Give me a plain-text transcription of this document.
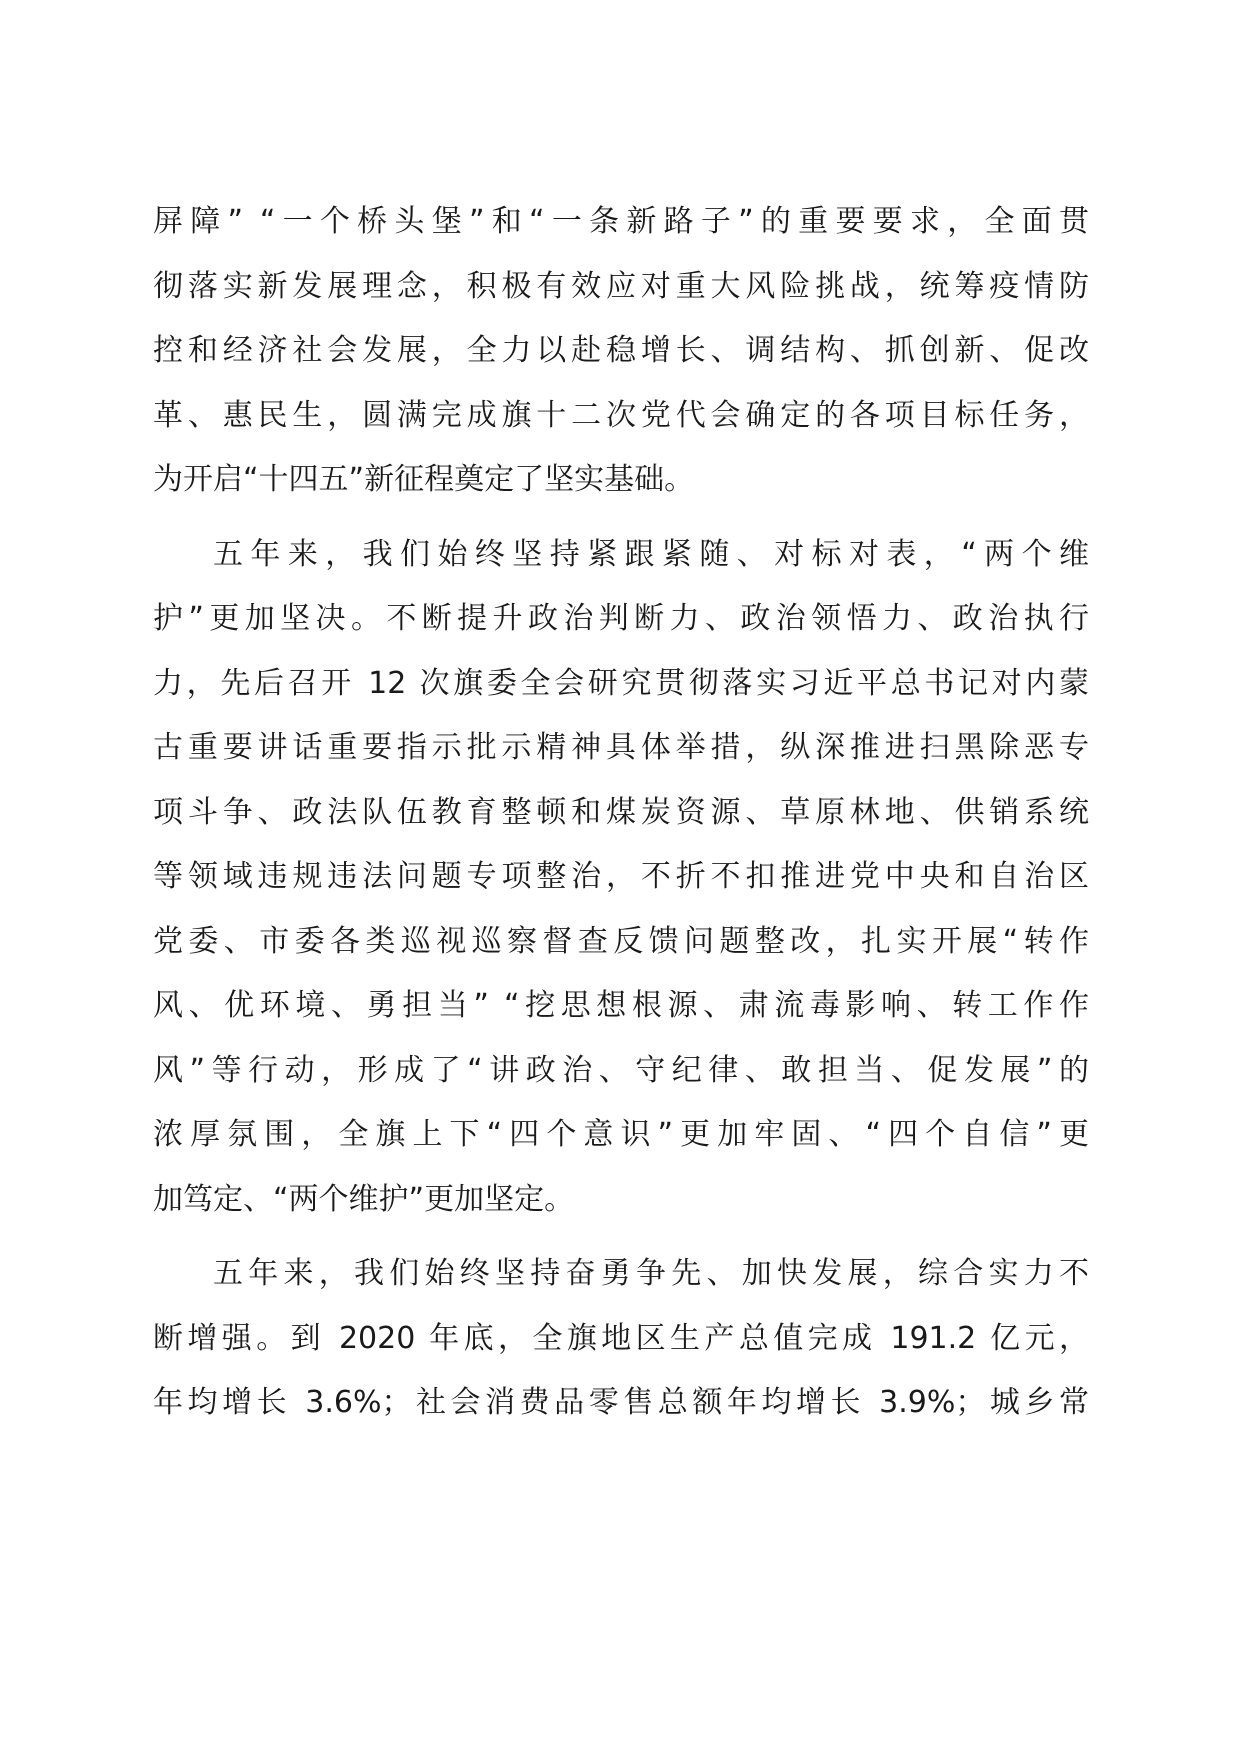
屏障” “一个桥头堡”和“一条新路子”的重要要求，全面贯
彻落实新发展理念，积极有效应对重大风险挑战，统筹疫情防
控和经济社会发展，全力以赴稳增长、调结构、抓创新、促改
革、惠民生，圆满完成旗十二次党代会确定的各项目标任务，
为开启“十四五”新征程奠定了坚实基础。
五年来，我们始终坚持紧跟紧随、对标对表，“两个维
护”更加坚决。不断提升政治判断力、政治领悟力、政治执行
力，先后召开 12 次旗委全会研究贯彻落实习近平总书记对内蒙
古重要讲话重要指示批示精神具体举措，纵深推进扫黑除恶专
项斗争、政法队伍教育整顿和煤炭资源、草原林地、供销系统
等领域违规违法问题专项整治，不折不扣推进党中央和自治区
党委、市委各类巡视巡察督查反馈问题整改，扎实开展“转作
风、优环境、勇担当” “挖思想根源、肃流毒影响、转工作作
风”等行动，形成了“讲政治、守纪律、敢担当、促发展”的
浓厚氛围，全旗上下“四个意识”更加牢固、“四个自信”更
加笃定、“两个维护”更加坚定。
五年来，我们始终坚持奋勇争先、加快发展，综合实力不
断增强。到 2020 年底，全旗地区生产总值完成 191.2 亿元，
年均增长 3.6%；社会消费品零售总额年均增长 3.9%；城乡常
